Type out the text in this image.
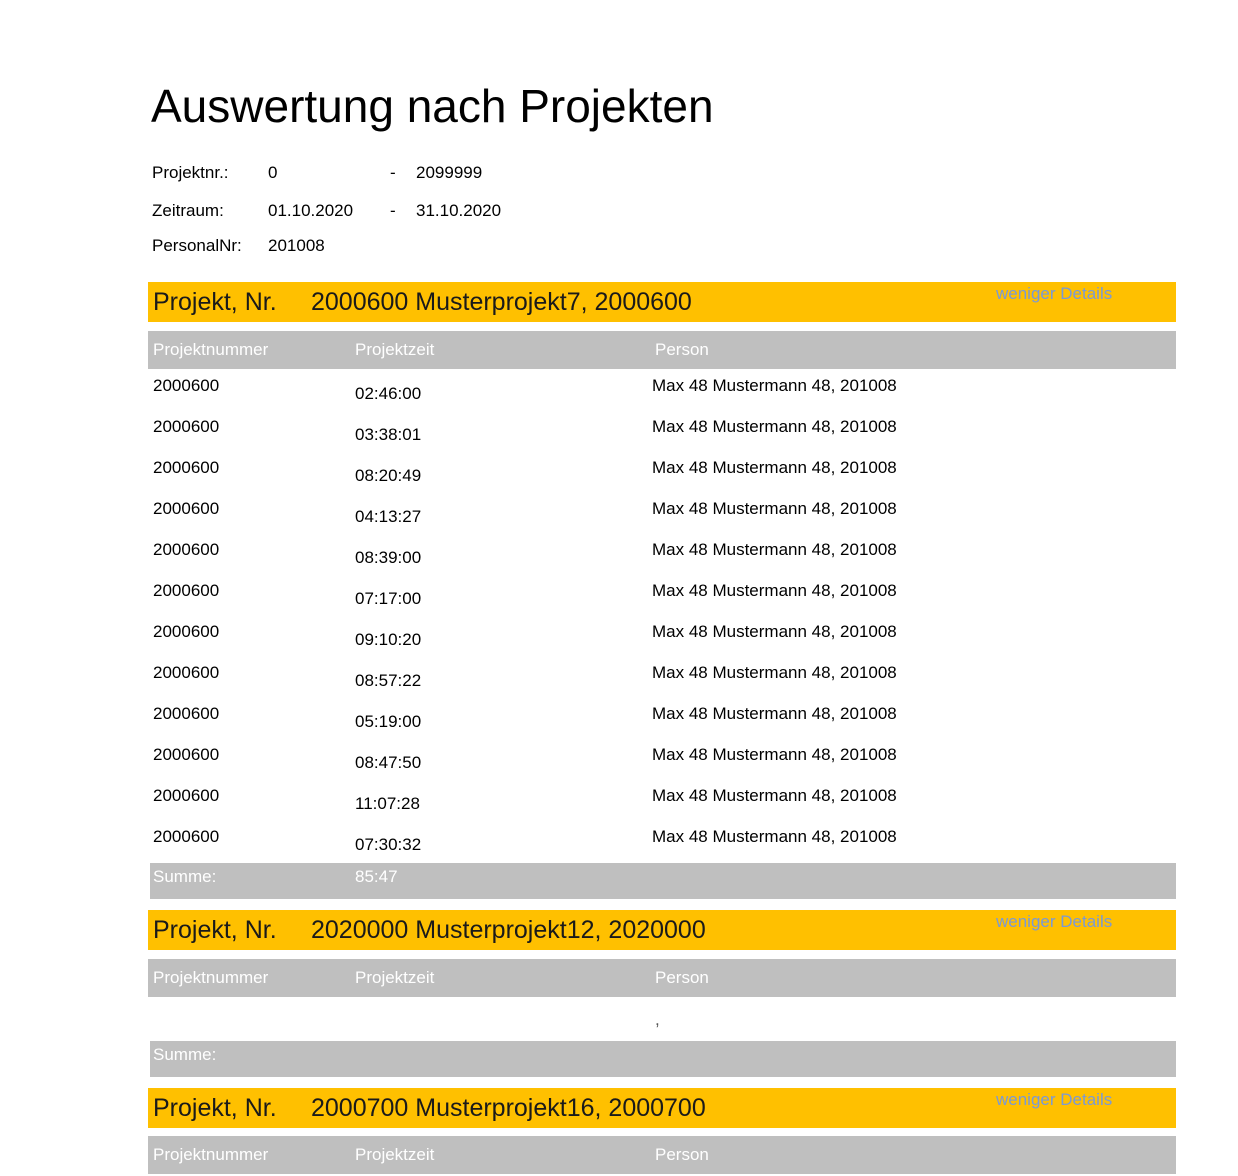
Auswertung nach Projekten
Projektnr.: 0	- 2099999
Zeitraum:	01.10.2020 - 31.10.2020
PersonalNr: 201008
Projekt, Nr. 2000600 Musterprojekt7, 2000600	weniger Details
Projektnummer	Projektzeit	Person
2000600	02:46:00	Max 48 Mustermann 48, 201008
2000600	03:38:01	Max 48 Mustermann 48, 201008
2000600	08:20:49	Max 48 Mustermann 48, 201008
2000600	04:13:27	Max 48 Mustermann 48, 201008
2000600	08:39:00	Max 48 Mustermann 48, 201008
2000600	07:17:00	Max 48 Mustermann 48, 201008
2000600	09:10:20	Max 48 Mustermann 48, 201008
2000600	08:57:22	Max 48 Mustermann 48, 201008
2000600	05:19:00	Max 48 Mustermann 48, 201008
2000600	08:47:50	Max 48 Mustermann 48, 201008
2000600	11:07:28	Max 48 Mustermann 48, 201008
2000600	07:30:32	Max 48 Mustermann 48, 201008
Summe:	85:47
Projekt, Nr. 2020000 Musterprojekt12, 2020000	weniger Details
Projektnummer	Projektzeit	Person
,
Summe:
Projekt, Nr. 2000700 Musterprojekt16, 2000700	weniger Details
Projektnummer	Projektzeit	Person
